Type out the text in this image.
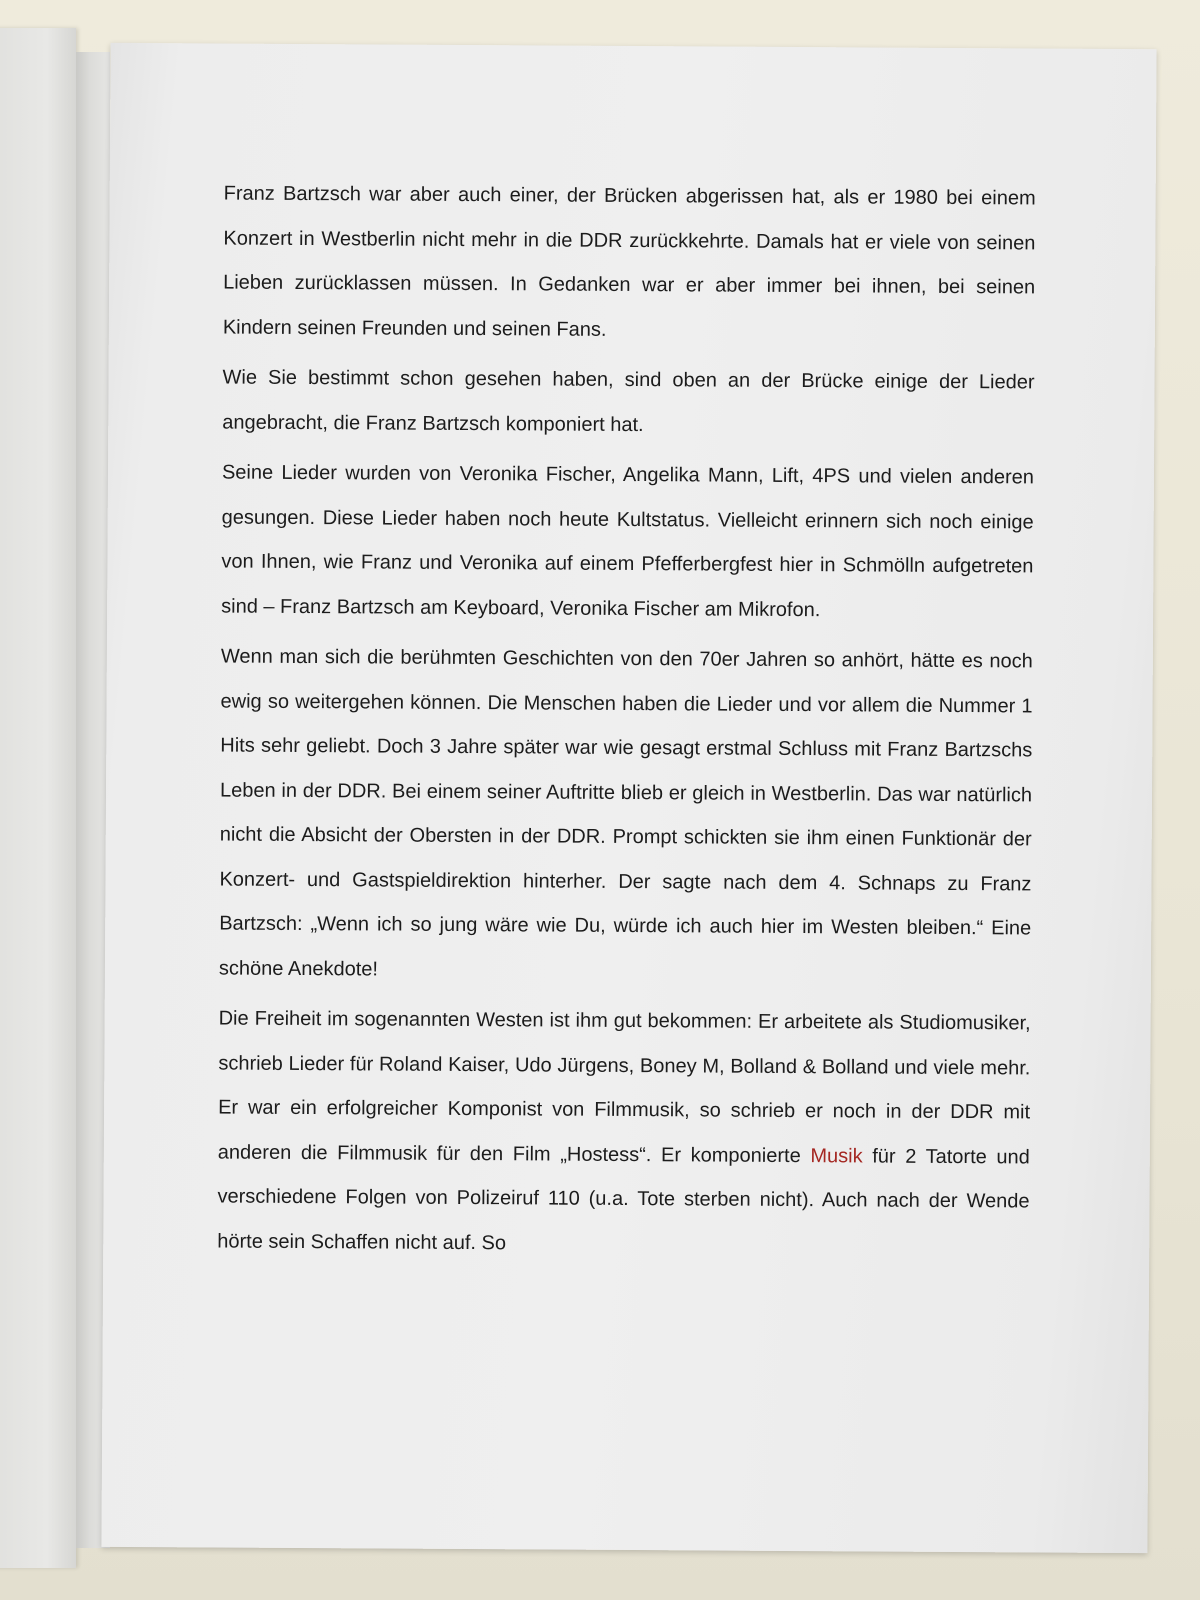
Franz Bartzsch war aber auch einer, der Brücken abgerissen hat, als er 1980 bei einem Konzert in Westberlin nicht mehr in die DDR zurückkehrte. Damals hat er viele von seinen Lieben zurücklassen müssen. In Gedanken war er aber immer bei ihnen, bei seinen Kindern seinen Freunden und seinen Fans.

Wie Sie bestimmt schon gesehen haben, sind oben an der Brücke einige der Lieder angebracht, die Franz Bartzsch komponiert hat.

Seine Lieder wurden von Veronika Fischer, Angelika Mann, Lift, 4PS und vielen anderen gesungen. Diese Lieder haben noch heute Kultstatus. Vielleicht erinnern sich noch einige von Ihnen, wie Franz und Veronika auf einem Pfefferbergfest hier in Schmölln aufgetreten sind – Franz Bartzsch am Keyboard, Veronika Fischer am Mikrofon.

Wenn man sich die berühmten Geschichten von den 70er Jahren so anhört, hätte es noch ewig so weitergehen können. Die Menschen haben die Lieder und vor allem die Nummer 1 Hits sehr geliebt. Doch 3 Jahre später war wie gesagt erstmal Schluss mit Franz Bartzschs Leben in der DDR. Bei einem seiner Auftritte blieb er gleich in Westberlin. Das war natürlich nicht die Absicht der Obersten in der DDR. Prompt schickten sie ihm einen Funktionär der Konzert- und Gastspieldirektion hinterher. Der sagte nach dem 4. Schnaps zu Franz Bartzsch: „Wenn ich so jung wäre wie Du, würde ich auch hier im Westen bleiben.“ Eine schöne Anekdote!

Die Freiheit im sogenannten Westen ist ihm gut bekommen: Er arbeitete als Studiomusiker, schrieb Lieder für Roland Kaiser, Udo Jürgens, Boney M, Bolland & Bolland und viele mehr. Er war ein erfolgreicher Komponist von Filmmusik, so schrieb er noch in der DDR mit anderen die Filmmusik für den Film „Hostess“. Er komponierte Musik für 2 Tatorte und verschiedene Folgen von Polizeiruf 110 (u.a. Tote sterben nicht). Auch nach der Wende hörte sein Schaffen nicht auf. So
